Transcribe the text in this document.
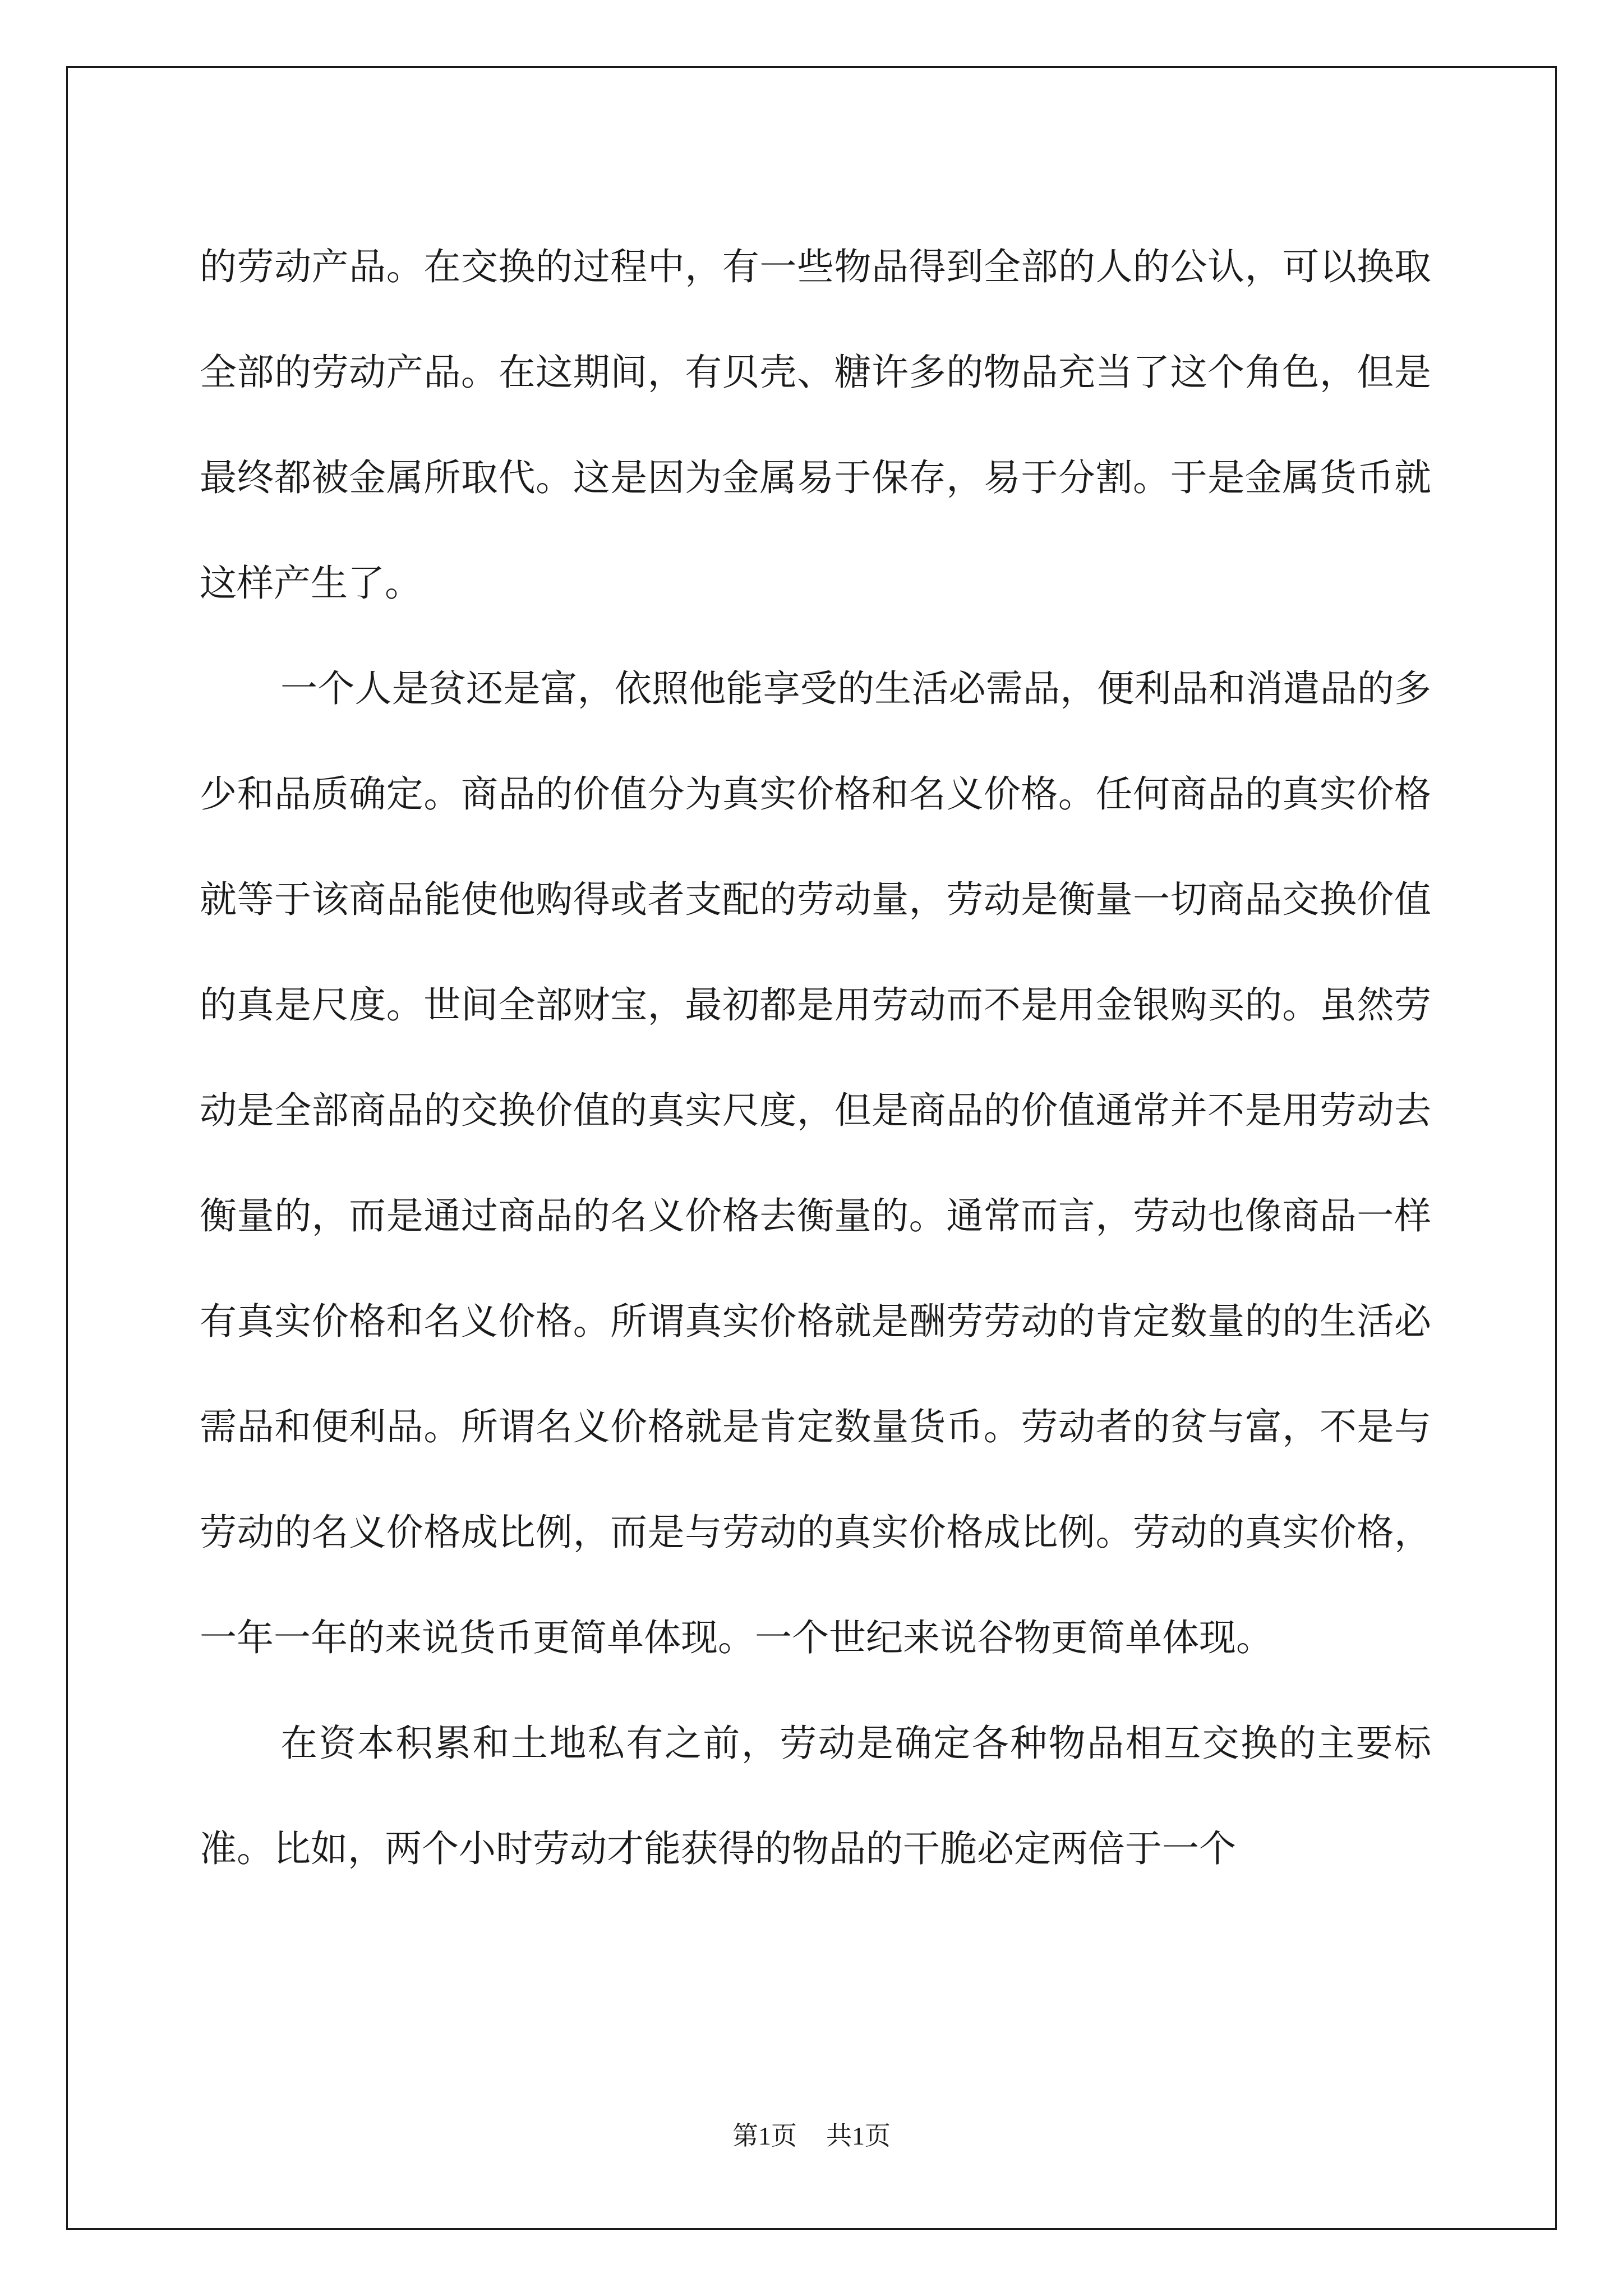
的劳动产品。在交换的过程中，有一些物品得到全部的人的公认，可以换取全部的劳动产品。在这期间，有贝壳、糖许多的物品充当了这个角色，但是最终都被金属所取代。这是因为金属易于保存，易于分割。于是金属货币就这样产生了。

一个人是贫还是富，依照他能享受的生活必需品，便利品和消遣品的多少和品质确定。商品的价值分为真实价格和名义价格。任何商品的真实价格就等于该商品能使他购得或者支配的劳动量，劳动是衡量一切商品交换价值的真是尺度。世间全部财宝，最初都是用劳动而不是用金银购买的。虽然劳动是全部商品的交换价值的真实尺度，但是商品的价值通常并不是用劳动去衡量的，而是通过商品的名义价格去衡量的。通常而言，劳动也像商品一样有真实价格和名义价格。所谓真实价格就是酬劳劳动的肯定数量的的生活必需品和便利品。所谓名义价格就是肯定数量货币。劳动者的贫与富，不是与劳动的名义价格成比例，而是与劳动的真实价格成比例。劳动的真实价格，一年一年的来说货币更简单体现。一个世纪来说谷物更简单体现。

在资本积累和土地私有之前，劳动是确定各种物品相互交换的主要标准。比如，两个小时劳动才能获得的物品的干脆必定两倍于一个

第1页 共1页
